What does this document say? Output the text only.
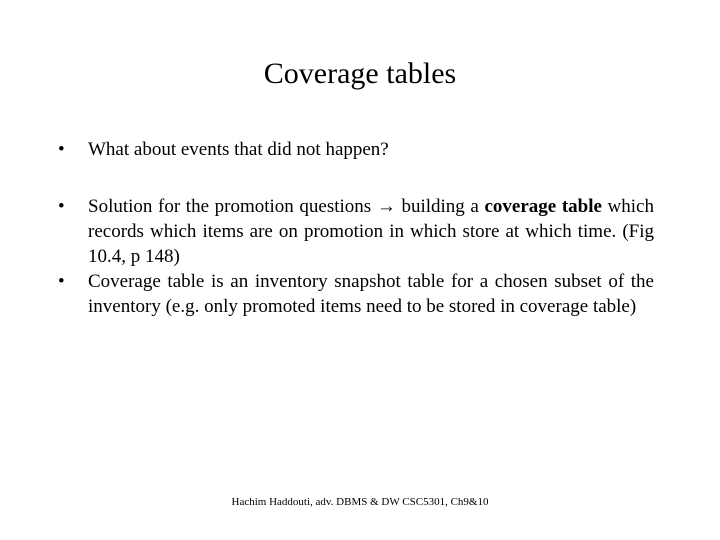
Coverage tables
•	What about events that did not happen?
•	Solution for the promotion questions → building a coverage table which records which items are on promotion in which store at which time. (Fig 10.4, p 148)
•	Coverage table is an inventory snapshot table for a chosen subset of the inventory (e.g. only promoted items need to be stored in coverage table)
Hachim Haddouti, adv. DBMS & DW CSC5301, Ch9&10
